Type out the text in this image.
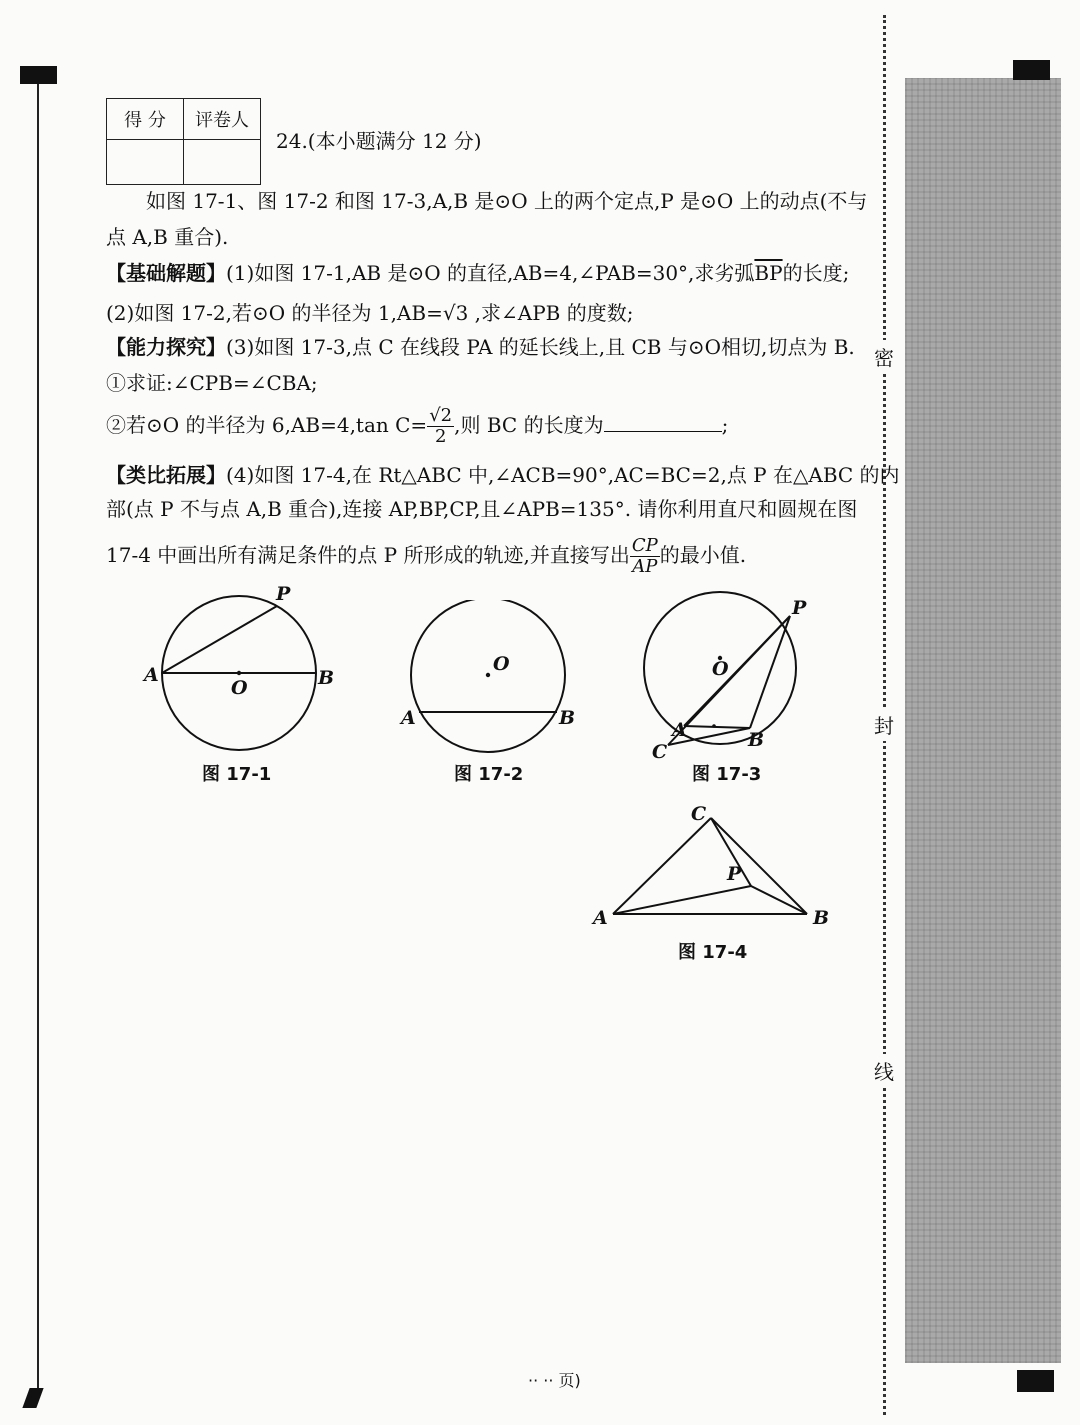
密
封
线
得 分	评卷人

24.(本小题满分 12 分)
如图 17-1、图 17-2 和图 17-3,A,B 是⊙O 上的两个定点,P 是⊙O 上的动点(不与
点 A,B 重合).
【基础解题】(1)如图 17-1,AB 是⊙O 的直径,AB=4,∠PAB=30°,求劣弧$\overline{BP}$的长度;
(2)如图 17-2,若⊙O 的半径为 1,AB=√3 ,求∠APB 的度数;
【能力探究】(3)如图 17-3,点 C 在线段 PA 的延长线上,且 CB 与⊙O相切,切点为 B.
①求证:∠CPB=∠CBA;
②若⊙O 的半径为 6,AB=4,tan $C= \frac{√2}{2}$ ,则 BC 的长度为	;
【类比拓展】(4)如图 17-4,在 Rt△ABC 中,∠ACB=90°,AC=BC=2,点 P 在△ABC 的内
部(点 P 不与点 A,B 重合),连接 AP,BP,CP,且∠APB=135°. 请你利用直尺和圆规在图
17-4 中画出所有满足条件的点 P 所形成的轨迹,并直接写出 $\frac{CP}{AP}$ 的最小值.
P
A
O	B
图 17-1
O
A	B
图 17-2
P
O
A
C
B
图 17-3
C
P
A	B
图 17-4
·· ·· 页)
